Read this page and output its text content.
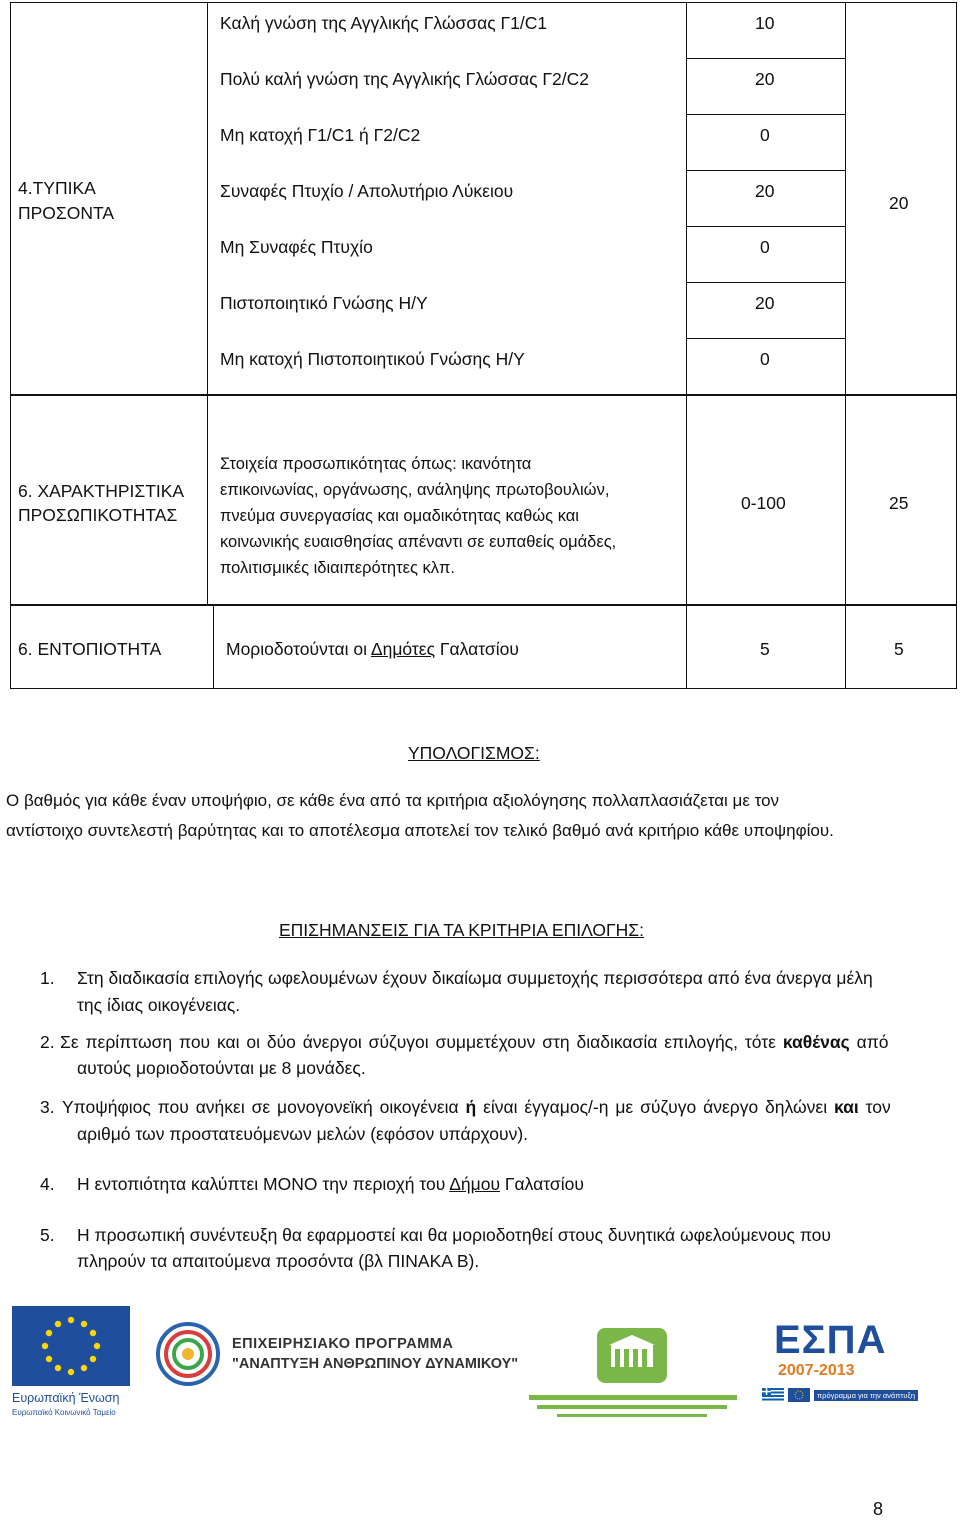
4.ΤΥΠΙΚΑ
ΠΡΟΣΟΝΤΑ
Καλή γνώση της Αγγλικής Γλώσσας Γ1/C1	10
Πολύ καλή γνώση της Αγγλικής Γλώσσας Γ2/C2	20
Μη κατοχή Γ1/C1 ή Γ2/C2	0
Συναφές Πτυχίο / Απολυτήριο Λύκειου	20
Μη Συναφές Πτυχίο	0
Πιστοποιητικό Γνώσης Η/Υ	20
Μη κατοχή Πιστοποιητικού Γνώσης Η/Υ	0
20
6. ΧΑΡΑΚΤΗΡΙΣΤΙΚΑ
ΠΡΟΣΩΠΙΚΟΤΗΤΑΣ
Στοιχεία προσωπικότητας όπως: ικανότητα
επικοινωνίας, οργάνωσης, ανάληψης πρωτοβουλιών,
πνεύμα συνεργασίας και ομαδικότητας καθώς και
κοινωνικής ευαισθησίας απέναντι σε ευπαθείς ομάδες,
πολιτισμικές ιδιαιπερότητες κλπ.
0-100	25
6. ΕΝΤΟΠΙΟΤΗΤΑ	Μοριοδοτούνται οι Δημότες Γαλατσίου	5	5
ΥΠΟΛΟΓΙΣΜΟΣ:
Ο βαθμός για κάθε έναν υποψήφιο, σε κάθε ένα από τα κριτήρια αξιολόγησης πολλαπλασιάζεται με τον
αντίστοιχο συντελεστή βαρύτητας και το αποτέλεσμα αποτελεί τον τελικό βαθμό ανά κριτήριο κάθε υποψηφίου.
ΕΠΙΣΗΜΑΝΣΕΙΣ ΓΙΑ ΤΑ ΚΡΙΤΗΡΙΑ ΕΠΙΛΟΓΗΣ:
1. Στη διαδικασία επιλογής ωφελουμένων έχουν δικαίωμα συμμετοχής περισσότερα από ένα άνεργα μέλη
της ίδιας οικογένειας.
2. Σε περίπτωση που και οι δύο άνεργοι σύζυγοι συμμετέχουν στη διαδικασία επιλογής, τότε καθένας από
αυτούς μοριοδοτούνται με 8 μονάδες.
3. Υποψήφιος που ανήκει σε μονογονεϊκή οικογένεια ή είναι έγγαμος/-η με σύζυγο άνεργο δηλώνει και τον
αριθμό των προστατευόμενων μελών (εφόσον υπάρχουν).
4. Η εντοπιότητα καλύπτει ΜΟΝΟ την περιοχή του Δήμου Γαλατσίου
5. Η προσωπική συνέντευξη θα εφαρμοστεί και θα μοριοδοτηθεί στους δυνητικά ωφελούμενους που
πληρούν τα απαιτούμενα προσόντα (βλ ΠΙΝΑΚΑ Β).
Ευρωπαϊκή Ένωση
Ευρωπαϊκό Κοινωνικό Ταμείο
ΕΠΙΧΕΙΡΗΣΙΑΚΟ ΠΡΟΓΡΑΜΜΑ
"ΑΝΑΠΤΥΞΗ ΑΝΘΡΩΠΙΝΟΥ ΔΥΝΑΜΙΚΟΥ"
ΕΣΠΑ
2007-2013
πρόγραμμα για την ανάπτυξη
8
